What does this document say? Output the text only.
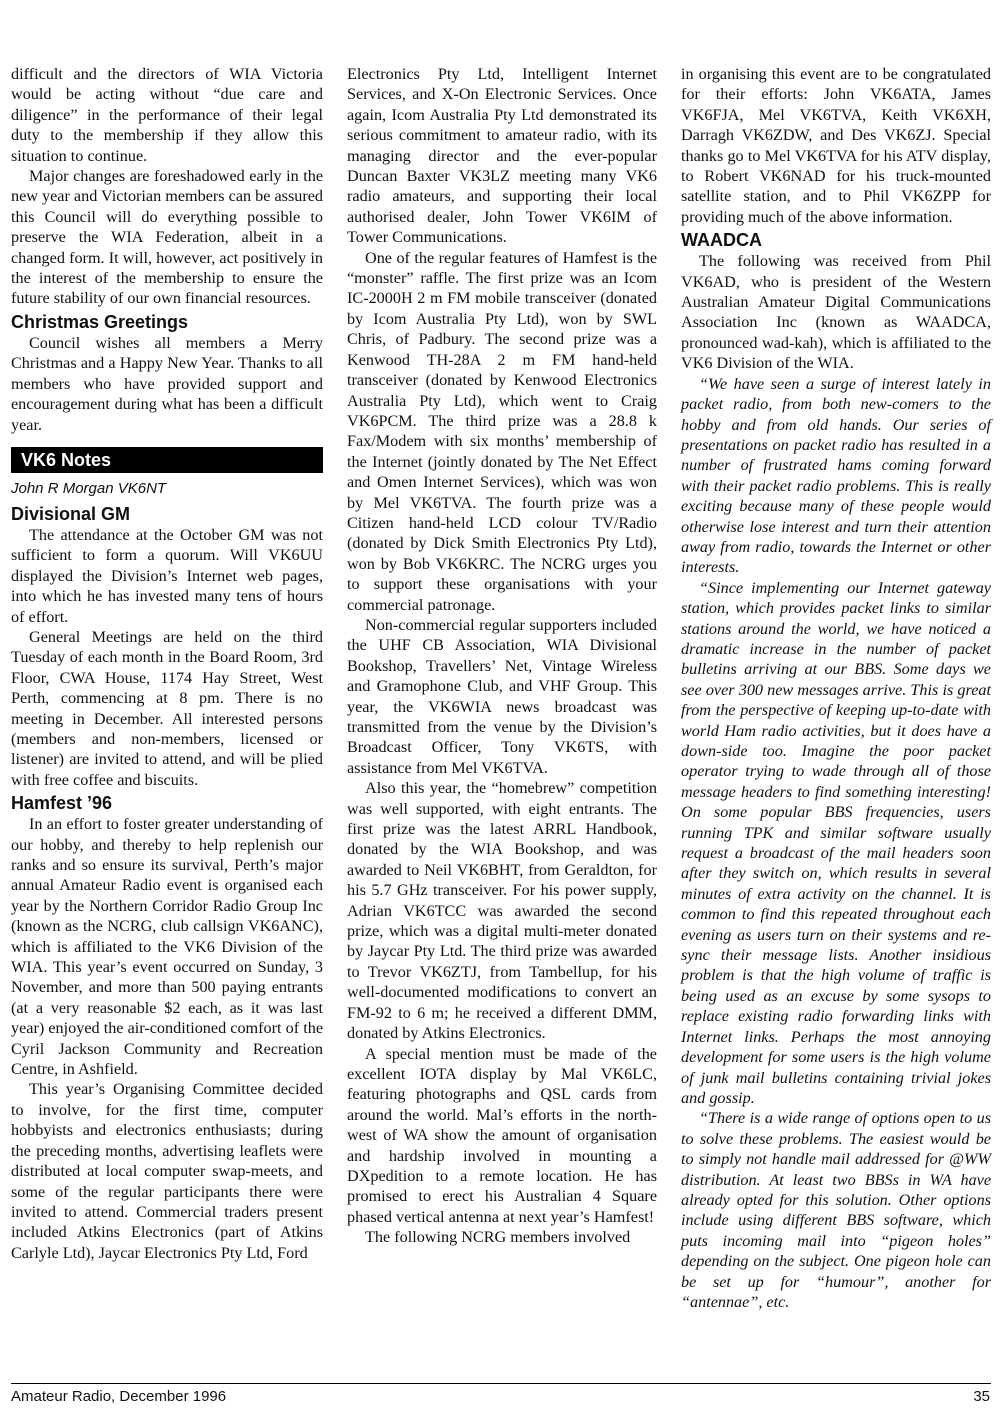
difficult and the directors of WIA Victoria would be acting without “due care and diligence” in the performance of their legal duty to the membership if they allow this situation to continue.

Major changes are foreshadowed early in the new year and Victorian members can be assured this Council will do everything possible to preserve the WIA Federation, albeit in a changed form. It will, however, act positively in the interest of the membership to ensure the future stability of our own financial resources.

Christmas Greetings

Council wishes all members a Merry Christmas and a Happy New Year. Thanks to all members who have provided support and encouragement during what has been a difficult year.

VK6 Notes
John R Morgan VK6NT
Divisional GM

The attendance at the October GM was not sufficient to form a quorum. Will VK6UU displayed the Division’s Internet web pages, into which he has invested many tens of hours of effort.

General Meetings are held on the third Tuesday of each month in the Board Room, 3rd Floor, CWA House, 1174 Hay Street, West Perth, commencing at 8 pm. There is no meeting in December. All interested persons (members and non-members, licensed or listener) are invited to attend, and will be plied with free coffee and biscuits.

Hamfest ’96

In an effort to foster greater understanding of our hobby, and thereby to help replenish our ranks and so ensure its survival, Perth’s major annual Amateur Radio event is organised each year by the Northern Corridor Radio Group Inc (known as the NCRG, club callsign VK6ANC), which is affiliated to the VK6 Division of the WIA. This year’s event occurred on Sunday, 3 November, and more than 500 paying entrants (at a very reasonable $2 each, as it was last year) enjoyed the air-conditioned comfort of the Cyril Jackson Community and Recreation Centre, in Ashfield.

This year’s Organising Committee decided to involve, for the first time, computer hobbyists and electronics enthusiasts; during the preceding months, advertising leaflets were distributed at local computer swap-meets, and some of the regular participants there were invited to attend. Commercial traders present included Atkins Electronics (part of Atkins Carlyle Ltd), Jaycar Electronics Pty Ltd, Ford

Electronics Pty Ltd, Intelligent Internet Services, and X-On Electronic Services. Once again, Icom Australia Pty Ltd demonstrated its serious commitment to amateur radio, with its managing director and the ever-popular Duncan Baxter VK3LZ meeting many VK6 radio amateurs, and supporting their local authorised dealer, John Tower VK6IM of Tower Communications.

One of the regular features of Hamfest is the “monster” raffle. The first prize was an Icom IC-2000H 2 m FM mobile transceiver (donated by Icom Australia Pty Ltd), won by SWL Chris, of Padbury. The second prize was a Kenwood TH-28A 2 m FM hand-held transceiver (donated by Kenwood Electronics Australia Pty Ltd), which went to Craig VK6PCM. The third prize was a 28.8 k Fax/Modem with six months’ membership of the Internet (jointly donated by The Net Effect and Omen Internet Services), which was won by Mel VK6TVA. The fourth prize was a Citizen hand-held LCD colour TV/Radio (donated by Dick Smith Electronics Pty Ltd), won by Bob VK6KRC. The NCRG urges you to support these organisations with your commercial patronage.

Non-commercial regular supporters included the UHF CB Association, WIA Divisional Bookshop, Travellers’ Net, Vintage Wireless and Gramophone Club, and VHF Group. This year, the VK6WIA news broadcast was transmitted from the venue by the Division’s Broadcast Officer, Tony VK6TS, with assistance from Mel VK6TVA.

Also this year, the “homebrew” competition was well supported, with eight entrants. The first prize was the latest ARRL Handbook, donated by the WIA Bookshop, and was awarded to Neil VK6BHT, from Geraldton, for his 5.7 GHz transceiver. For his power supply, Adrian VK6TCC was awarded the second prize, which was a digital multi-meter donated by Jaycar Pty Ltd. The third prize was awarded to Trevor VK6ZTJ, from Tambellup, for his well-documented modifications to convert an FM-92 to 6 m; he received a different DMM, donated by Atkins Electronics.

A special mention must be made of the excellent IOTA display by Mal VK6LC, featuring photographs and QSL cards from around the world. Mal’s efforts in the north-west of WA show the amount of organisation and hardship involved in mounting a DXpedition to a remote location. He has promised to erect his Australian 4 Square phased vertical antenna at next year’s Hamfest!

The following NCRG members involved

in organising this event are to be congratulated for their efforts: John VK6ATA, James VK6FJA, Mel VK6TVA, Keith VK6XH, Darragh VK6ZDW, and Des VK6ZJ. Special thanks go to Mel VK6TVA for his ATV display, to Robert VK6NAD for his truck-mounted satellite station, and to Phil VK6ZPP for providing much of the above information.

WAADCA

The following was received from Phil VK6AD, who is president of the Western Australian Amateur Digital Communications Association Inc (known as WAADCA, pronounced wad-kah), which is affiliated to the VK6 Division of the WIA.

“We have seen a surge of interest lately in packet radio, from both new-comers to the hobby and from old hands. Our series of presentations on packet radio has resulted in a number of frustrated hams coming forward with their packet radio problems. This is really exciting because many of these people would otherwise lose interest and turn their attention away from radio, towards the Internet or other interests.

“Since implementing our Internet gateway station, which provides packet links to similar stations around the world, we have noticed a dramatic increase in the number of packet bulletins arriving at our BBS. Some days we see over 300 new messages arrive. This is great from the perspective of keeping up-to-date with world Ham radio activities, but it does have a down-side too. Imagine the poor packet operator trying to wade through all of those message headers to find something interesting! On some popular BBS frequencies, users running TPK and similar software usually request a broadcast of the mail headers soon after they switch on, which results in several minutes of extra activity on the channel. It is common to find this repeated throughout each evening as users turn on their systems and re-sync their message lists. Another insidious problem is that the high volume of traffic is being used as an excuse by some sysops to replace existing radio forwarding links with Internet links. Perhaps the most annoying development for some users is the high volume of junk mail bulletins containing trivial jokes and gossip.

“There is a wide range of options open to us to solve these problems. The easiest would be to simply not handle mail addressed for @WW distribution. At least two BBSs in WA have already opted for this solution. Other options include using different BBS software, which puts incoming mail into “pigeon holes” depending on the subject. One pigeon hole can be set up for “humour”, another for “antennae”, etc.

Amateur Radio, December 1996	35
